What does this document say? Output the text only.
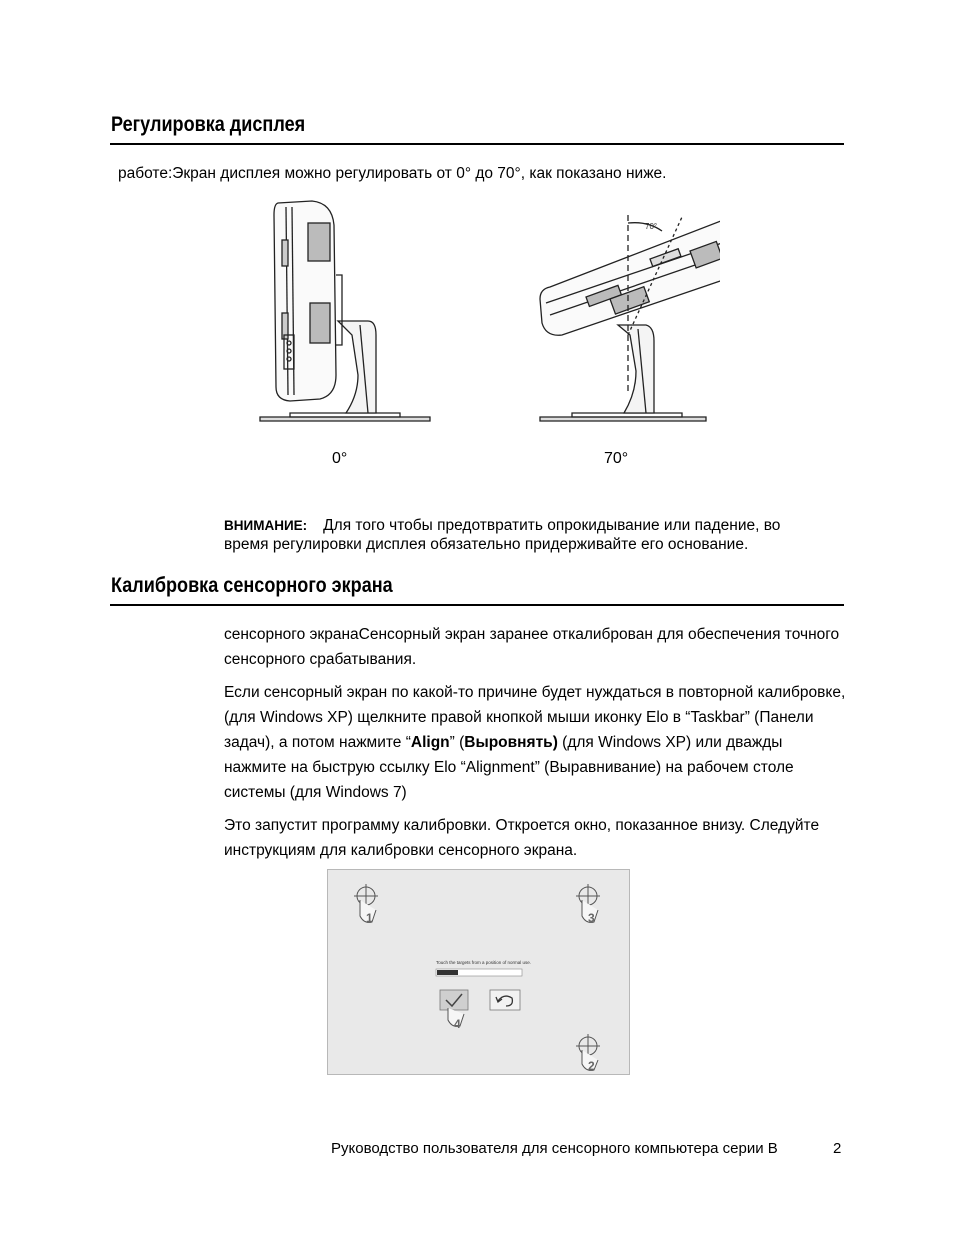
Регулировка дисплея
работе:Экран дисплея можно регулировать от 0° до 70°, как показано ниже.
70°
0°	70°
ВНИМАНИЕ: Для того чтобы предотвратить опрокидывание или падение, во
время регулировки дисплея обязательно придерживайте его основание.
Калибровка сенсорного экрана

сенсорного экранаСенсорный экран заранее откалиброван для обеспечения точного сенсорного срабатывания.

Если сенсорный экран по какой-то причине будет нуждаться в повторной калибровке, (для Windows XP) щелкните правой кнопкой мыши иконку Elo в “Taskbar” (Панели задач), а потом нажмите “Align” (Выровнять) (для Windows XP) или дважды нажмите на быструю ссылку Elo “Alignment” (Выравнивание) на рабочем столе системы (для Windows 7)

Это запустит программу калибровки. Откроется окно, показанное внизу. Следуйте инструкциям для калибровки сенсорного экрана.

1	3
Touch the targets from a position of normal use.
4
2
Руководство пользователя для сенсорного компьютера серии B	2
